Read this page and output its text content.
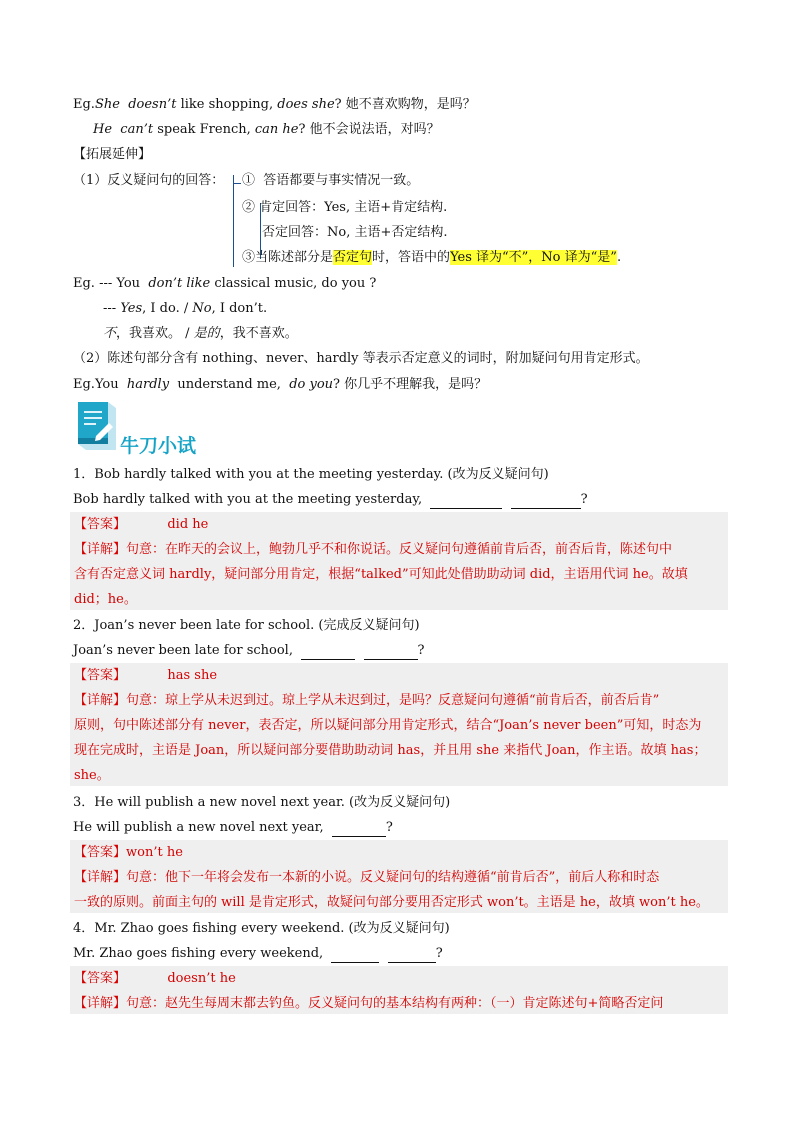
Eg.She doesn’t like shopping, does she? 她不喜欢购物，是吗？
He can’t speak French, can he? 他不会说法语，对吗？
【拓展延伸】
（1）反义疑问句的回答： ① 答语都要与事实情况一致。
② 肯定回答：Yes, 主语+肯定结构.
否定回答：No, 主语+否定结构.
③当陈述部分是否定句时，答语中的Yes 译为“不”，No 译为“是”.
Eg. --- You  don’t like classical music, do you ?
--- Yes, I do. / No, I don’t.
不，我喜欢。 / 是的，我不喜欢。
（2）陈述句部分含有 nothing、never、hardly 等表示否定意义的词时，附加疑问句用肯定形式。
Eg.You  hardly  understand me,  do you? 你几乎不理解我，是吗？
牛刀小试
1．Bob hardly talked with you at the meeting yesterday. (改为反义疑问句)
Bob hardly talked with you at the meeting yesterday,	?
【答案】	did he
【详解】句意：在昨天的会议上，鲍勃几乎不和你说话。反义疑问句遵循前肯后否，前否后肯，陈述句中
含有否定意义词 hardly，疑问部分用肯定，根据“talked”可知此处借助助动词 did，主语用代词 he。故填
did；he。
2．Joan’s never been late for school. (完成反义疑问句)
Joan’s never been late for school,	?
【答案】	has she
【详解】句意：琼上学从未迟到过。琼上学从未迟到过，是吗？反意疑问句遵循“前肯后否，前否后肯”
原则，句中陈述部分有 never，表否定，所以疑问部分用肯定形式，结合“Joan’s never been”可知，时态为
现在完成时，主语是 Joan，所以疑问部分要借助助动词 has，并且用 she 来指代 Joan，作主语。故填 has；
she。
3．He will publish a new novel next year. (改为反义疑问句)
He will publish a new novel next year,	?
【答案】won’t he
【详解】句意：他下一年将会发布一本新的小说。反义疑问句的结构遵循“前肯后否”，前后人称和时态
一致的原则。前面主句的 will 是肯定形式，故疑问句部分要用否定形式 won’t。主语是 he，故填 won’t he。
4．Mr. Zhao goes fishing every weekend. (改为反义疑问句)
Mr. Zhao goes fishing every weekend,	?
【答案】	doesn’t he
【详解】句意：赵先生每周末都去钓鱼。反义疑问句的基本结构有两种：（一）肯定陈述句+简略否定问
